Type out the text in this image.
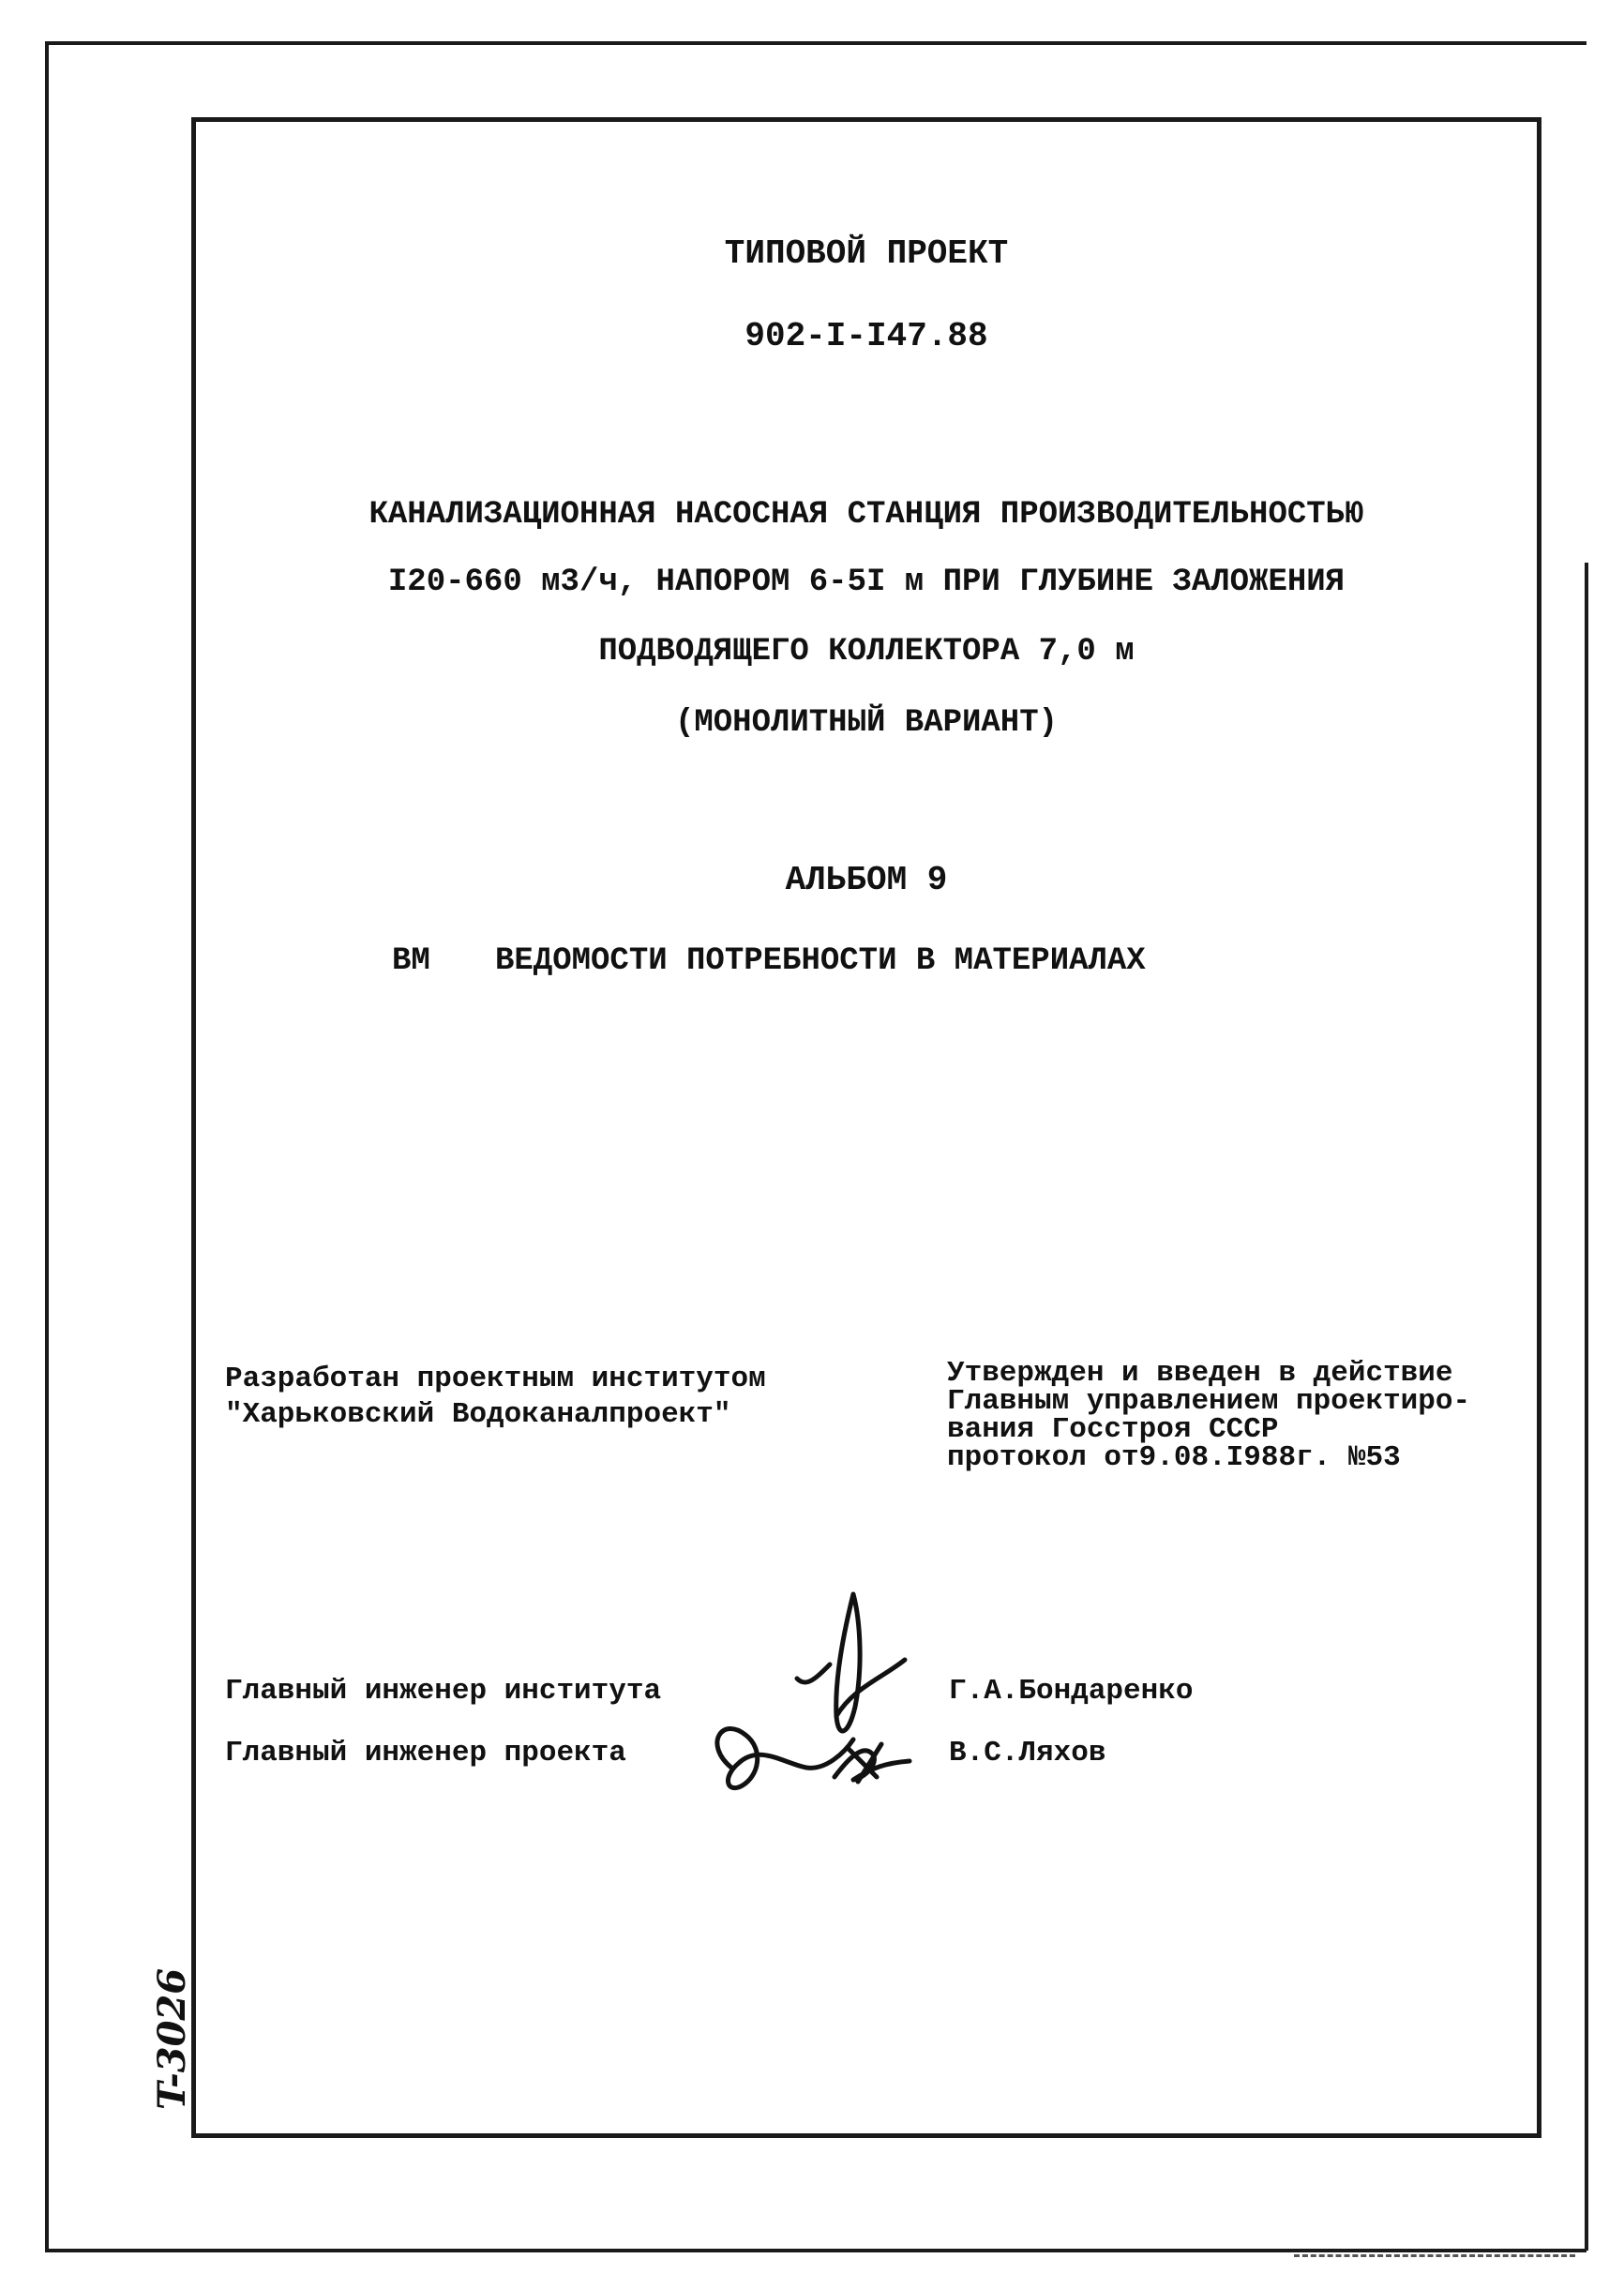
ТИПОВОЙ ПРОЕКТ
902-I-I47.88
КАНАЛИЗАЦИОННАЯ НАСОСНАЯ СТАНЦИЯ ПРОИЗВОДИТЕЛЬНОСТЬЮ
I20-660 м3/ч, НАПОРОМ 6-5I м ПРИ ГЛУБИНЕ ЗАЛОЖЕНИЯ
ПОДВОДЯЩЕГО КОЛЛЕКТОРА 7,0 м
(МОНОЛИТНЫЙ ВАРИАНТ)
АЛЬБОМ 9
ВМ ВЕДОМОСТИ ПОТРЕБНОСТИ В МАТЕРИАЛАХ
Разработан проектным институтом
"Харьковский Водоканалпроект"
Утвержден и введен в действие
Главным управлением проектиро-
вания Госстроя СССР
протокол от9.08.I988г. №53
Главный инженер института	Г.А.Бондаренко
Главный инженер проекта	В.С.Ляхов
T-3026
